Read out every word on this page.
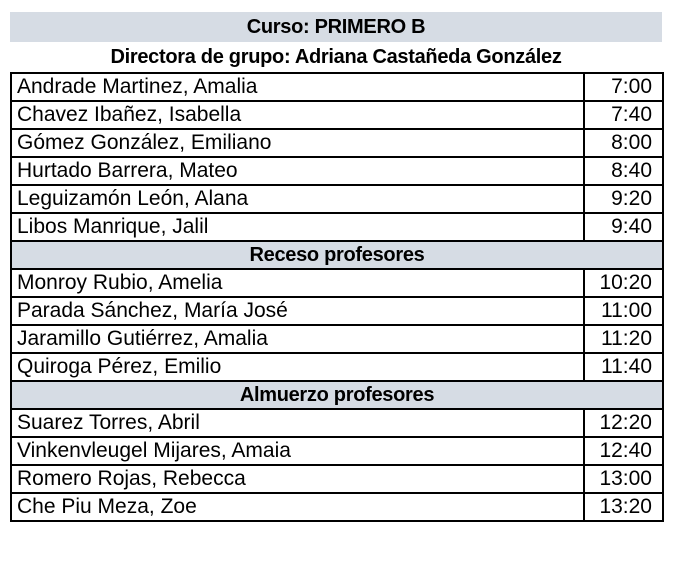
Curso: PRIMERO B
Directora de grupo: Adriana Castañeda González
Andrade Martinez, Amalia	7:00
Chavez Ibañez, Isabella	7:40
Gómez González, Emiliano	8:00
Hurtado Barrera, Mateo	8:40
Leguizamón León, Alana	9:20
Libos Manrique, Jalil	9:40
Receso profesores	
Monroy Rubio, Amelia	10:20
Parada Sánchez, María José	11:00
Jaramillo Gutiérrez, Amalia	11:20
Quiroga Pérez, Emilio	11:40
Almuerzo profesores	
Suarez Torres, Abril	12:20
Vinkenvleugel Mijares, Amaia	12:40
Romero Rojas, Rebecca	13:00
Che Piu Meza, Zoe	13:20
